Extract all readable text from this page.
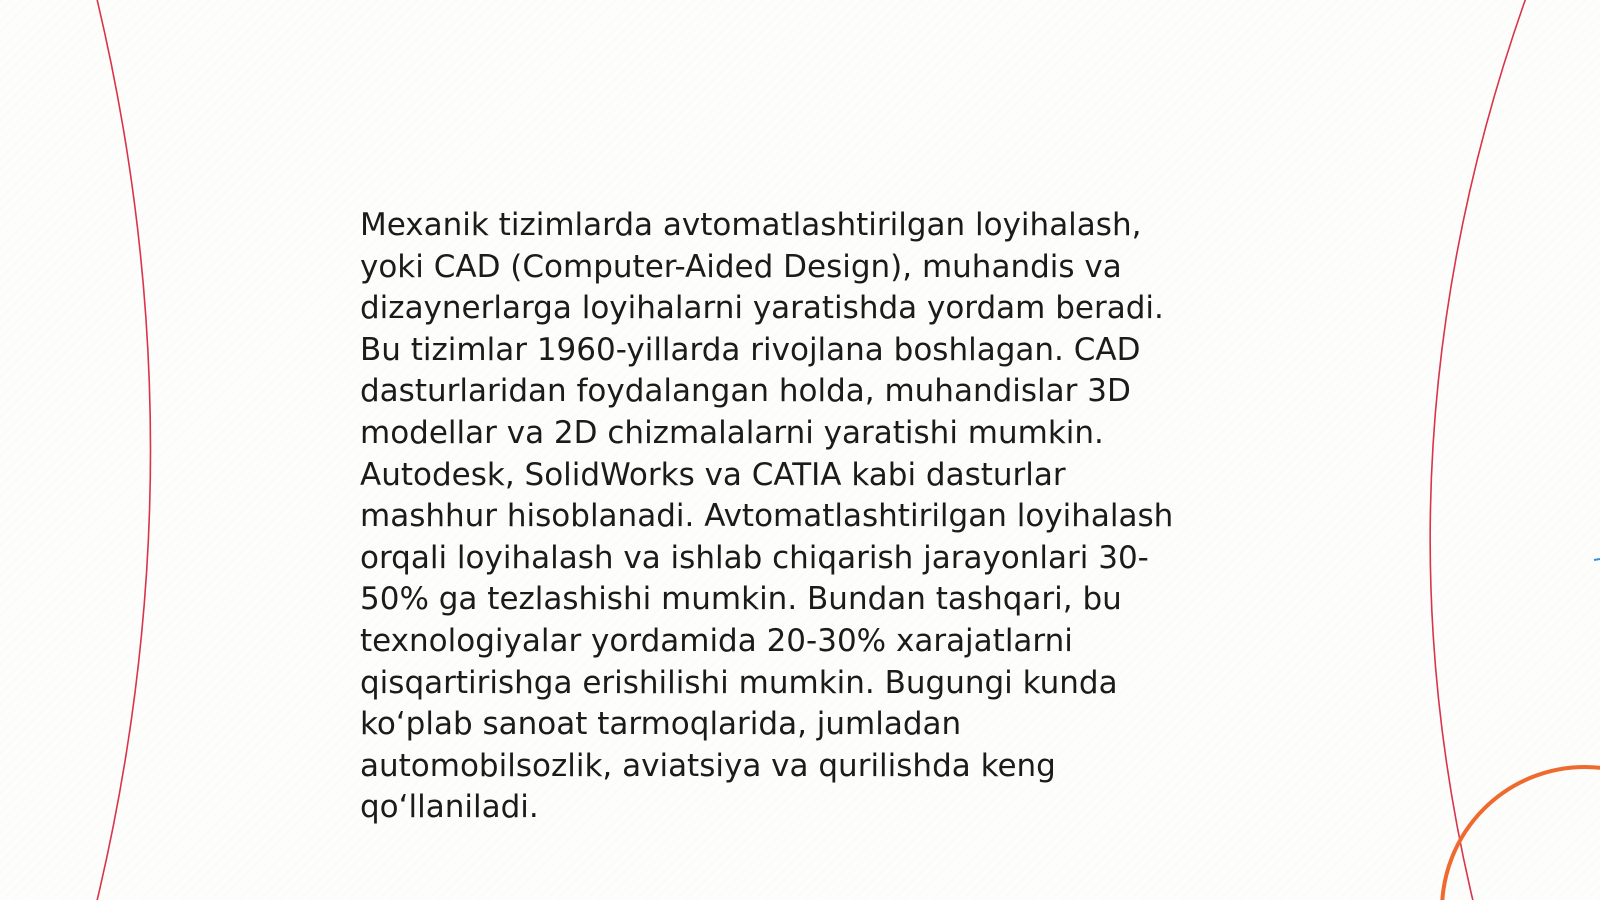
Mexanik tizimlarda avtomatlashtirilgan loyihalash,
yoki CAD (Computer-Aided Design), muhandis va
dizaynerlarga loyihalarni yaratishda yordam beradi.
Bu tizimlar 1960-yillarda rivojlana boshlagan. CAD
dasturlaridan foydalangan holda, muhandislar 3D
modellar va 2D chizmalalarni yaratishi mumkin.
Autodesk, SolidWorks va CATIA kabi dasturlar
mashhur hisoblanadi. Avtomatlashtirilgan loyihalash
orqali loyihalash va ishlab chiqarish jarayonlari 30-
50% ga tezlashishi mumkin. Bundan tashqari, bu
texnologiyalar yordamida 20-30% xarajatlarni
qisqartirishga erishilishi mumkin. Bugungi kunda
ko‘plab sanoat tarmoqlarida, jumladan
automobilsozlik, aviatsiya va qurilishda keng
qo‘llaniladi.
